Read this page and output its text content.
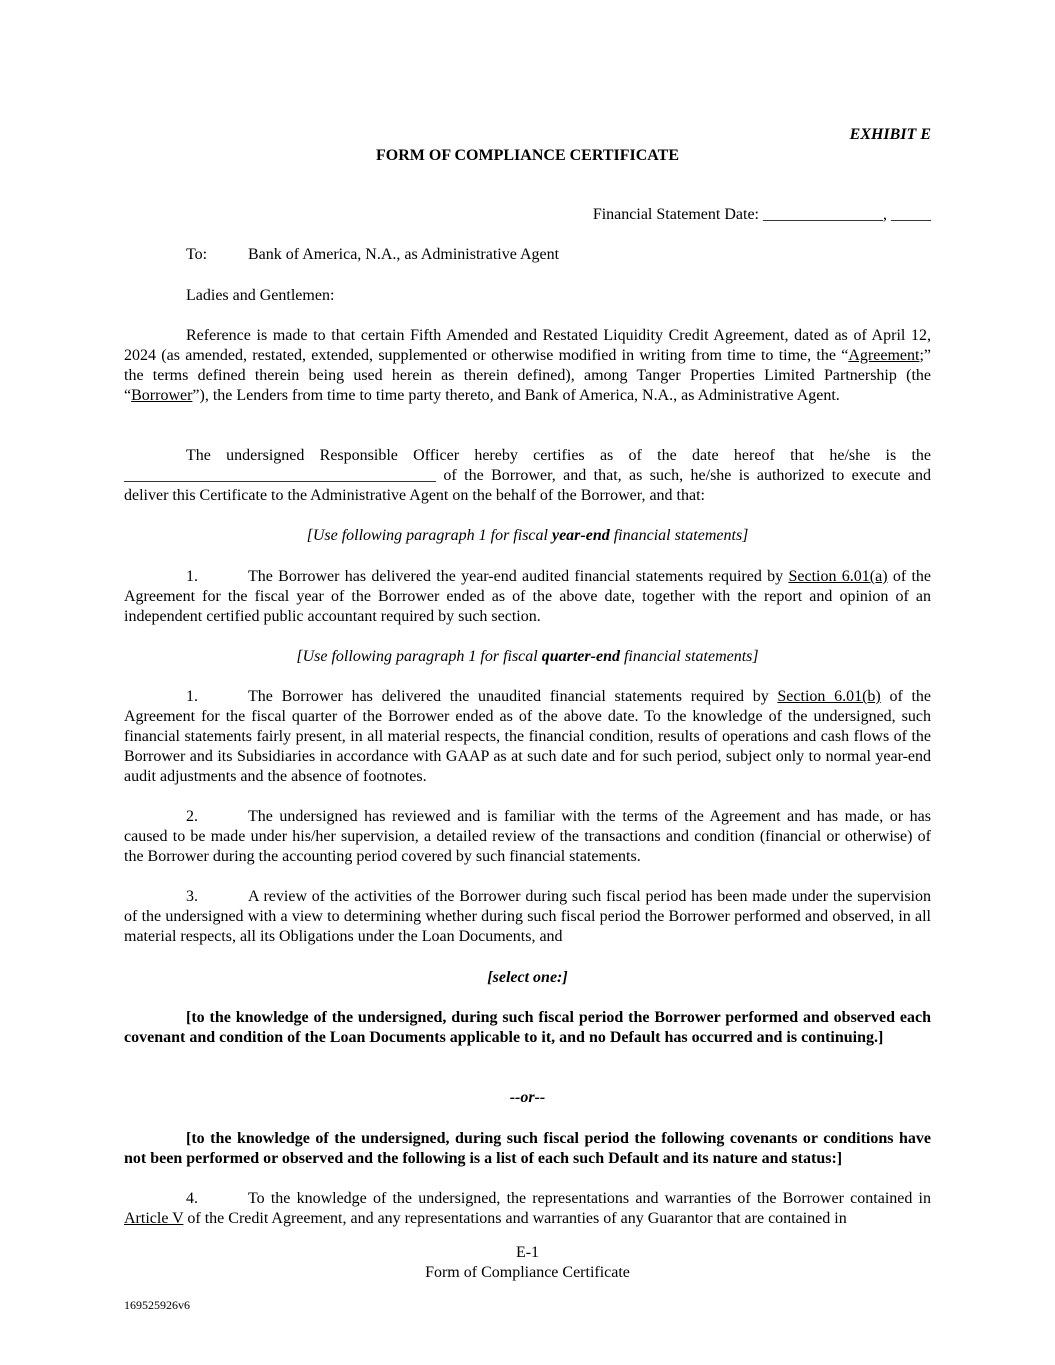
EXHIBIT E
FORM OF COMPLIANCE CERTIFICATE
Financial Statement Date: _______________, _____
To:	Bank of America, N.A., as Administrative Agent
Ladies and Gentlemen:
Reference is made to that certain Fifth Amended and Restated Liquidity Credit Agreement, dated as of April 12, 2024 (as amended, restated, extended, supplemented or otherwise modified in writing from time to time, the “Agreement;” the terms defined therein being used herein as therein defined), among Tanger Properties Limited Partnership (the “Borrower”), the Lenders from time to time party thereto, and Bank of America, N.A., as Administrative Agent.
The undersigned Responsible Officer hereby certifies as of the date hereof that he/she is the _______________________________________ of the Borrower, and that, as such, he/she is authorized to execute and deliver this Certificate to the Administrative Agent on the behalf of the Borrower, and that:
[Use following paragraph 1 for fiscal year-end financial statements]
1.	The Borrower has delivered the year-end audited financial statements required by Section 6.01(a) of the Agreement for the fiscal year of the Borrower ended as of the above date, together with the report and opinion of an independent certified public accountant required by such section.
[Use following paragraph 1 for fiscal quarter-end financial statements]
1.	The Borrower has delivered the unaudited financial statements required by Section 6.01(b) of the Agreement for the fiscal quarter of the Borrower ended as of the above date. To the knowledge of the undersigned, such financial statements fairly present, in all material respects, the financial condition, results of operations and cash flows of the Borrower and its Subsidiaries in accordance with GAAP as at such date and for such period, subject only to normal year-end audit adjustments and the absence of footnotes.
2.	The undersigned has reviewed and is familiar with the terms of the Agreement and has made, or has caused to be made under his/her supervision, a detailed review of the transactions and condition (financial or otherwise) of the Borrower during the accounting period covered by such financial statements.
3.	A review of the activities of the Borrower during such fiscal period has been made under the supervision of the undersigned with a view to determining whether during such fiscal period the Borrower performed and observed, in all material respects, all its Obligations under the Loan Documents, and
[select one:]
[to the knowledge of the undersigned, during such fiscal period the Borrower performed and observed each covenant and condition of the Loan Documents applicable to it, and no Default has occurred and is continuing.]
--or--
[to the knowledge of the undersigned, during such fiscal period the following covenants or conditions have not been performed or observed and the following is a list of each such Default and its nature and status:]
4.	To the knowledge of the undersigned, the representations and warranties of the Borrower contained in Article V of the Credit Agreement, and any representations and warranties of any Guarantor that are contained in
E-1
Form of Compliance Certificate
169525926v6
